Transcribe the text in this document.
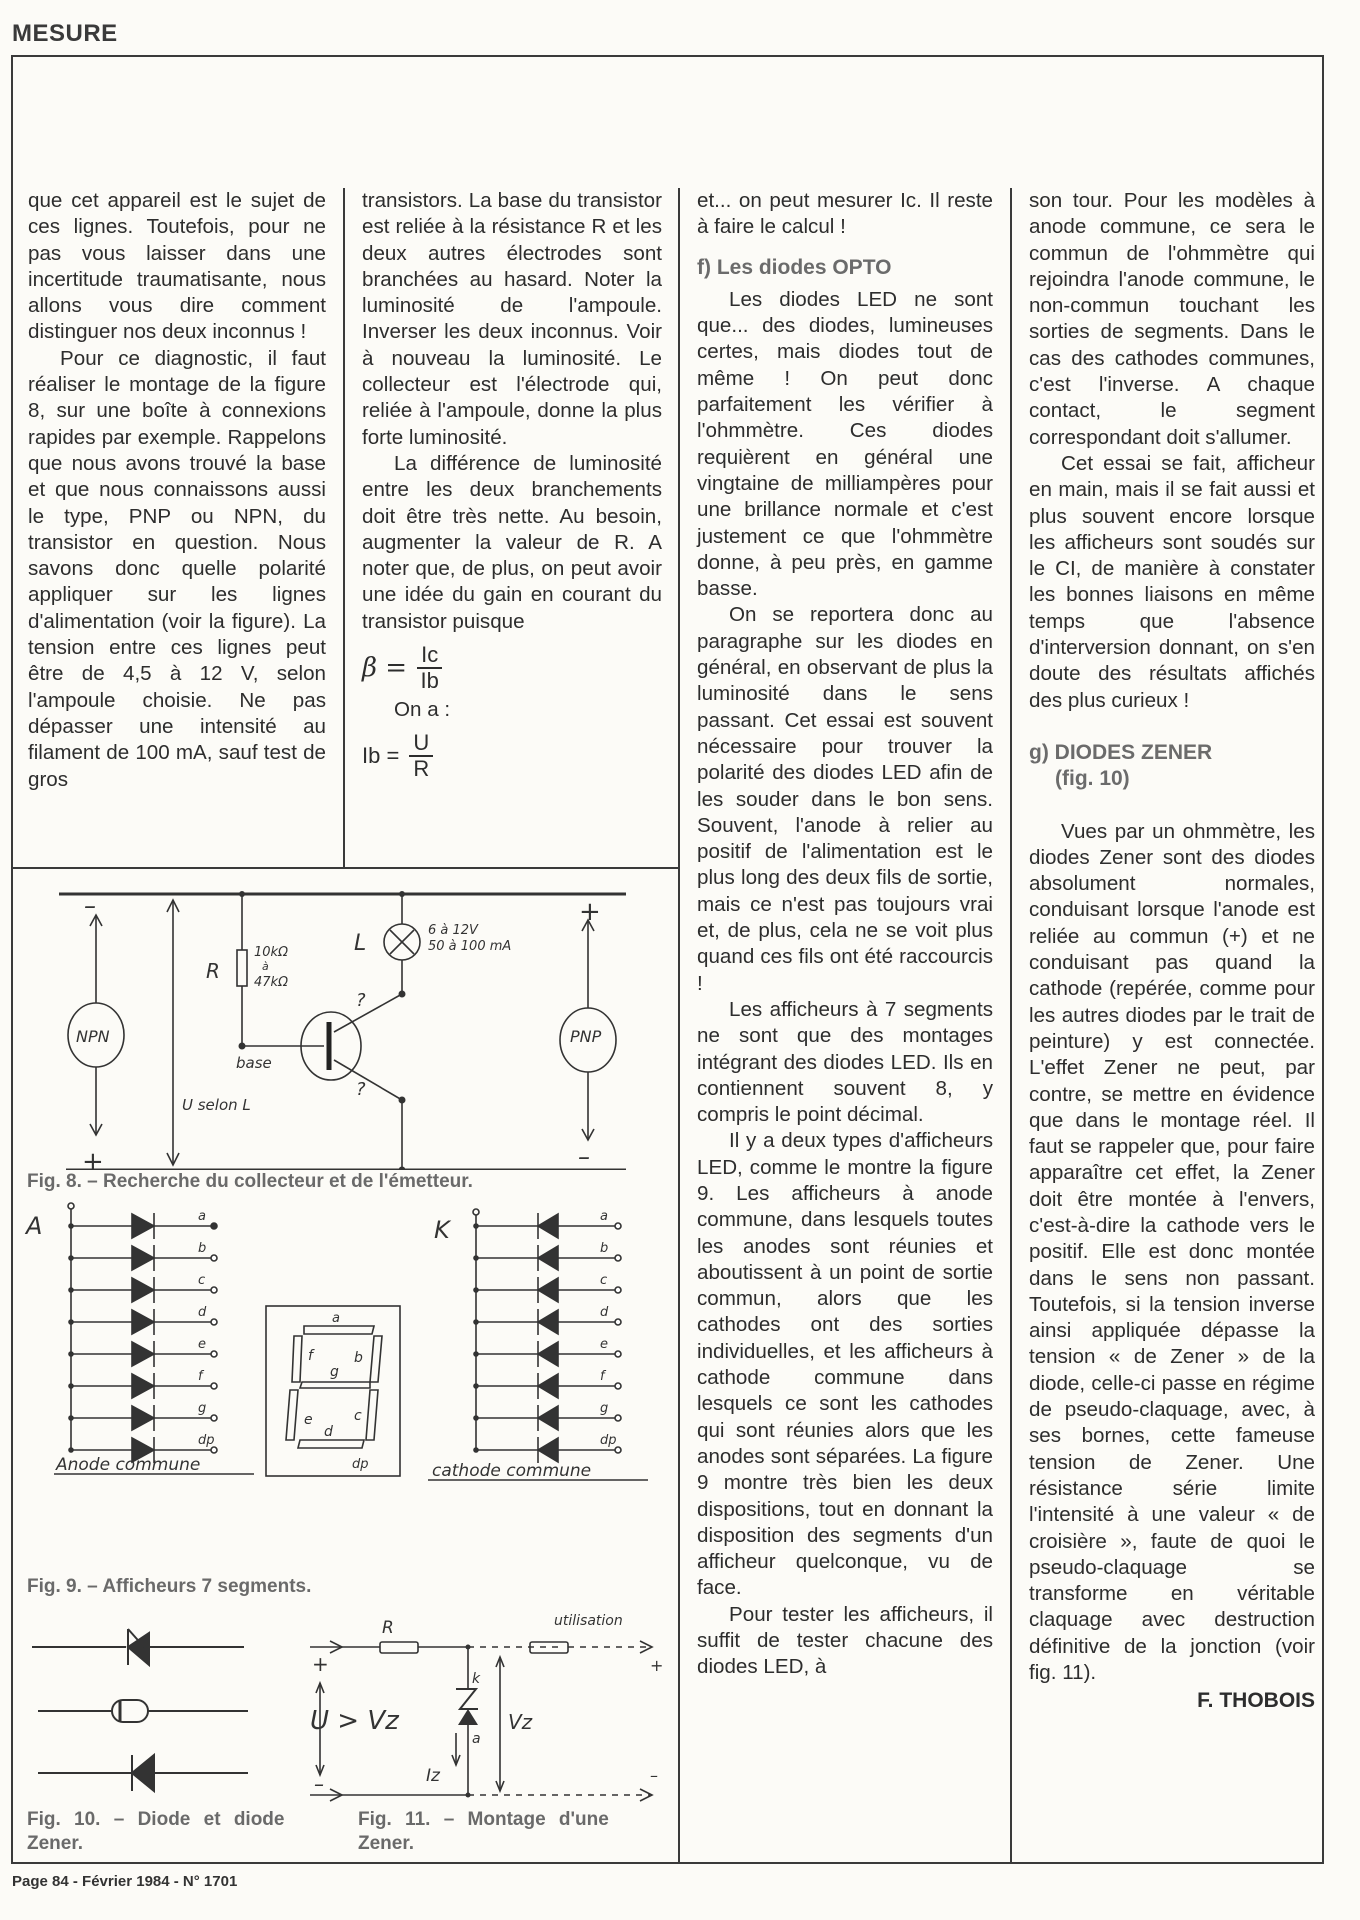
MESURE

que cet appareil est le sujet de ces lignes. Toutefois, pour ne pas vous laisser dans une incertitude traumatisante, nous allons vous dire comment distinguer nos deux inconnus !

Pour ce diagnostic, il faut réaliser le montage de la figure 8, sur une boîte à connexions rapides par exemple. Rappelons que nous avons trouvé la base et que nous connaissons aussi le type, PNP ou NPN, du transistor en question. Nous savons donc quelle polarité appliquer sur les lignes d'alimentation (voir la figure). La tension entre ces lignes peut être de 4,5 à 12 V, selon l'ampoule choisie. Ne pas dépasser une intensité au filament de 100 mA, sauf test de gros

transistors. La base du transistor est reliée à la résistance R et les deux autres électrodes sont branchées au hasard. Noter la luminosité de l'ampoule. Inverser les deux inconnus. Voir à nouveau la luminosité. Le collecteur est l'électrode qui, reliée à l'ampoule, donne la plus forte luminosité.

La différence de luminosité entre les deux branchements doit être très nette. Au besoin, augmenter la valeur de R. A noter que, de plus, on peut avoir une idée du gain en courant du transistor puisque

$\beta = \frac{Ic}{Ib}$

On a :

$Ib = \frac{U}{R}$

et... on peut mesurer Ic. Il reste à faire le calcul !

f) Les diodes OPTO

Les diodes LED ne sont que... des diodes, lumineuses certes, mais diodes tout de même ! On peut donc parfaitement les vérifier à l'ohmmètre. Ces diodes requièrent en général une vingtaine de milliampères pour une brillance normale et c'est justement ce que l'ohmmètre donne, à peu près, en gamme basse.

On se reportera donc au paragraphe sur les diodes en général, en observant de plus la luminosité dans le sens passant. Cet essai est souvent nécessaire pour trouver la polarité des diodes LED afin de les souder dans le bon sens. Souvent, l'anode à relier au positif de l'alimentation est le plus long des deux fils de sortie, mais ce n'est pas toujours vrai et, de plus, cela ne se voit plus quand ces fils ont été raccourcis !

Les afficheurs à 7 segments ne sont que des montages intégrant des diodes LED. Ils en contiennent souvent 8, y compris le point décimal.

Il y a deux types d'afficheurs LED, comme le montre la figure 9. Les afficheurs à anode commune, dans lesquels toutes les anodes sont réunies et aboutissent à un point de sortie commun, alors que les cathodes ont des sorties individuelles, et les afficheurs à cathode commune dans lesquels ce sont les cathodes qui sont réunies alors que les anodes sont séparées. La figure 9 montre très bien les deux dispositions, tout en donnant la disposition des segments d'un afficheur quelconque, vu de face.

Pour tester les afficheurs, il suffit de tester chacune des diodes LED, à

son tour. Pour les modèles à anode commune, ce sera le commun de l'ohmmètre qui rejoindra l'anode commune, le non-commun touchant les sorties de segments. Dans le cas des cathodes communes, c'est l'inverse. A chaque contact, le segment correspondant doit s'allumer.

Cet essai se fait, afficheur en main, mais il se fait aussi et plus souvent encore lorsque les afficheurs sont soudés sur le CI, de manière à constater les bonnes liaisons en même temps que l'absence d'interversion donnant, on s'en doute des résultats affichés des plus curieux !

g) DIODES ZENER
(fig. 10)

Vues par un ohmmètre, les diodes Zener sont des diodes absolument normales, conduisant lorsque l'anode est reliée au commun (+) et ne conduisant pas quand la cathode (repérée, comme pour les autres diodes par le trait de peinture) y est connectée. L'effet Zener ne peut, par contre, se mettre en évidence que dans le montage réel. Il faut se rappeler que, pour faire apparaître cet effet, la Zener doit être montée à l'envers, c'est-à-dire la cathode vers le positif. Elle est donc montée dans le sens non passant. Toutefois, si la tension inverse ainsi appliquée dépasse la tension « de Zener » de la diode, celle-ci passe en régime de pseudo-claquage, avec, à ses bornes, cette fameuse tension de Zener. Une résistance série limite l'intensité à une valeur « de croisière », faute de quoi le pseudo-claquage se transforme en véritable claquage avec destruction définitive de la jonction (voir fig. 11).

F. THOBOIS
–
+
NPN	PNP
+
–
R
10kΩ
à
47kΩ
L
6 à 12V
50 à 100 mA
base
?
?
U selon L
Fig. 8. – Recherche du collecteur et de l'émetteur.
a
b
c
d
e
f
g
dp
a
b
c
d
e
f
g
dp
A	K
a
f	b
g
e	c
d
dp
Anode commune	cathode commune
Fig. 9. – Afficheurs 7 segments.
Fig. 10. – Diode et diode Zener.
R	utilisation
+	+
–	–
U > Vz
k
a
Vz
Iz
Fig. 11. – Montage d'une Zener.
Page 84 - Février 1984 - N° 1701
